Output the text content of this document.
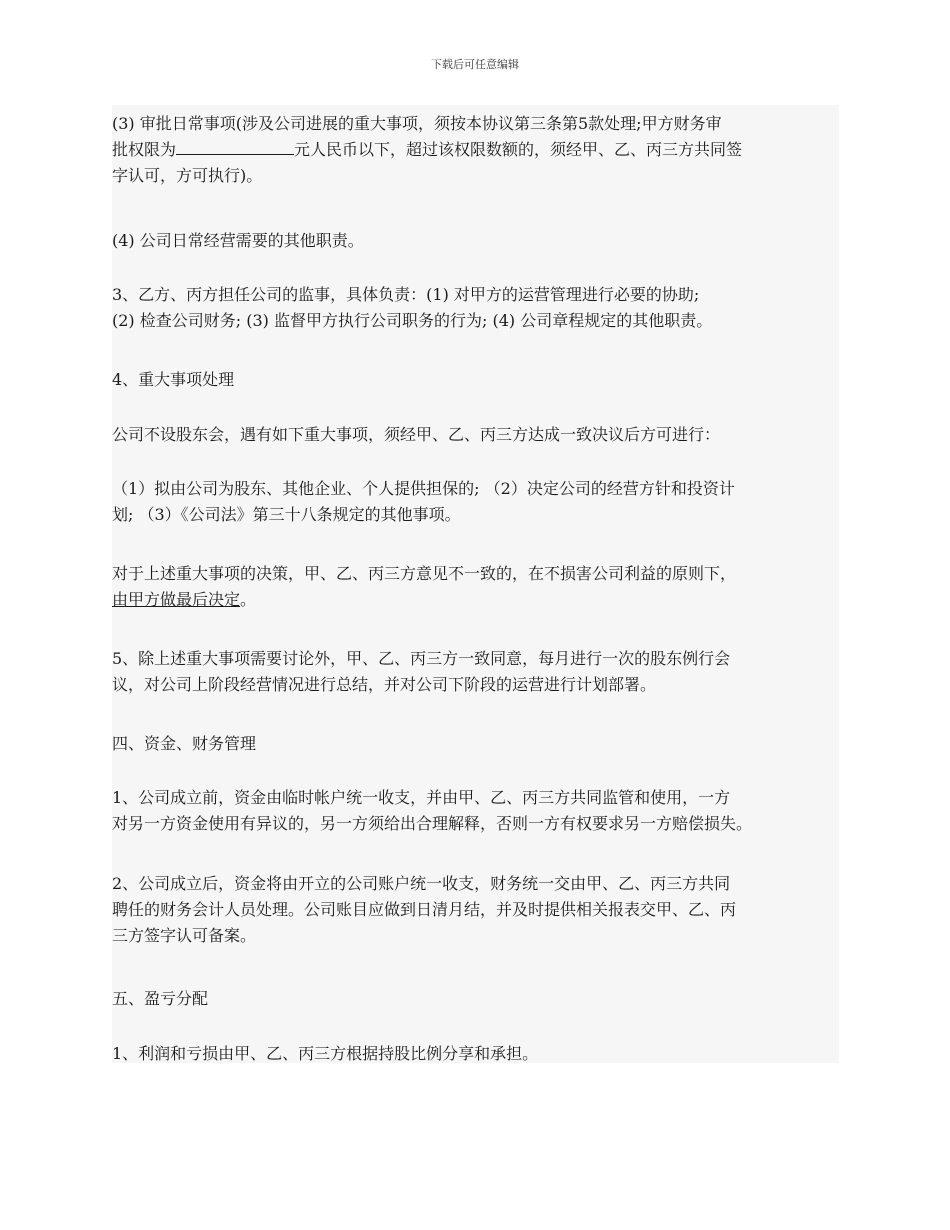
下载后可任意编辑
(3) 审批日常事项(涉及公司进展的重大事项，须按本协议第三条第5款处理;甲方财务审
批权限为	元人民币以下，超过该权限数额的，须经甲、乙、丙三方共同签
字认可，方可执行)。
(4) 公司日常经营需要的其他职责。
3、乙方、丙方担任公司的监事，具体负责：(1) 对甲方的运营管理进行必要的协助;
(2) 检查公司财务; (3) 监督甲方执行公司职务的行为; (4) 公司章程规定的其他职责。
4、重大事项处理
公司不设股东会，遇有如下重大事项，须经甲、乙、丙三方达成一致决议后方可进行：
（1）拟由公司为股东、其他企业、个人提供担保的; （2）决定公司的经营方针和投资计
划; （3）《公司法》第三十八条规定的其他事项。
对于上述重大事项的决策，甲、乙、丙三方意见不一致的，在不损害公司利益的原则下，
由甲方做最后决定。
5、除上述重大事项需要讨论外，甲、乙、丙三方一致同意，每月进行一次的股东例行会
议，对公司上阶段经营情况进行总结，并对公司下阶段的运营进行计划部署。
四、资金、财务管理
1、公司成立前，资金由临时帐户统一收支，并由甲、乙、丙三方共同监管和使用，一方
对另一方资金使用有异议的，另一方须给出合理解释，否则一方有权要求另一方赔偿损失。
2、公司成立后，资金将由开立的公司账户统一收支，财务统一交由甲、乙、丙三方共同
聘任的财务会计人员处理。公司账目应做到日清月结，并及时提供相关报表交甲、乙、丙
三方签字认可备案。
五、盈亏分配
1、利润和亏损由甲、乙、丙三方根据持股比例分享和承担。
